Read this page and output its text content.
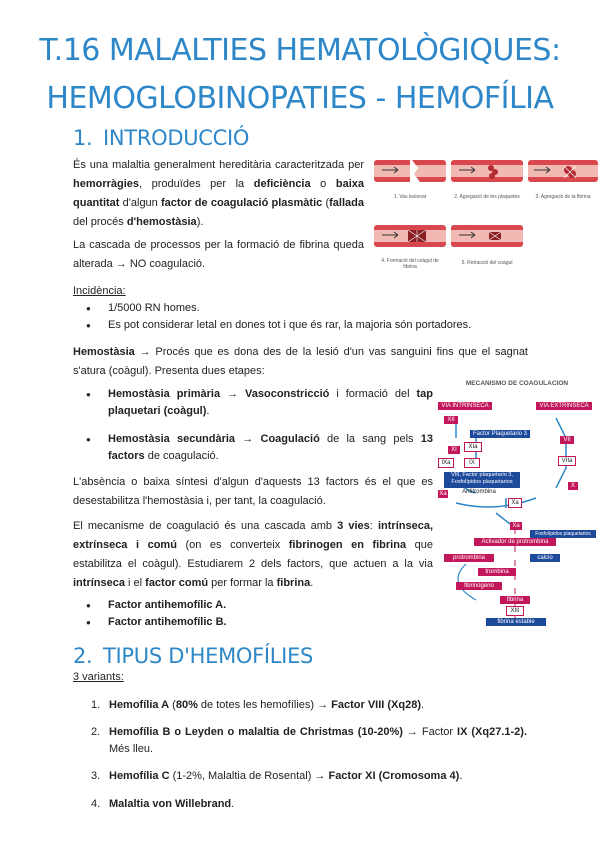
T.16 MALALTIES HEMATOLÒGIQUES:
HEMOGLOBINOPATIES - HEMOFÍLIA
1. INTRODUCCIÓ
És una malaltia generalment hereditària caracteritzada per hemorràgies, produïdes per la deficiència o baixa quantitat d'algun factor de coagulació plasmàtic (fallada del procés d'hemostàsia).
La cascada de processos per la formació de fibrina queda alterada → NO coagulació.
1. Vas lesionat	2. Agregació de les plaquetes	3. Agregació de la fibrina
4. Formació del coàgul de fibrina
5. Retracció del coàgul
Incidència:
● 1/5000 RN homes.
● Es pot considerar letal en dones tot i que és rar, la majoria són portadores.
Hemostàsia → Procés que es dona des de la lesió d'un vas sanguini fins que el sagnat s'atura (coàgul). Presenta dues etapes:
● Hemostàsia primària → Vasoconstricció i formació del tap plaquetari (coàgul).
● Hemostàsia secundària → Coagulació de la sang pels 13 factors de coagulació.
L'absència o baixa síntesi d'algun d'aquests 13 factors és el que es desestabilitza l'hemostàsia i, per tant, la coagulació.
El mecanisme de coagulació és una cascada amb 3 vies: intrínseca, extrínseca i comú (on es converteix fibrinogen en fibrina que estabilitza el coàgul). Estudiarem 2 dels factors, que actuen a la via intrínseca i el factor comú per formar la fibrina.
● Factor antihemofílic A.
● Factor antihemofílic B.
MECANISMO DE COAGULACIÓN
VIA INTRÍNSECA	VIA EXTRÍNSECA
XII
XIa
XI
Factor Plaquetario 3
VII
IX
IXa	VIIa
VIII, Factor plaquetario 3, Fosfolípidos plaquetarios
X
Xa	Antitrombina
Xa
Xa
Fosfolípidos plaquetarios
Activador de protrombina
protrombina	calcio
trombina
fibrinógeno
fibrina
XIII
fibrina estable
2. TIPUS D'HEMOFÍLIES
3 variants:
1. Hemofília A (80% de totes les hemofílies) → Factor VIII (Xq28).
2. Hemofília B o Leyden o malaltia de Christmas (10-20%) → Factor IX (Xq27.1-2). Més lleu.
3. Hemofília C (1-2%, Malaltia de Rosental) → Factor XI (Cromosoma 4).
4. Malaltia von Willebrand.
